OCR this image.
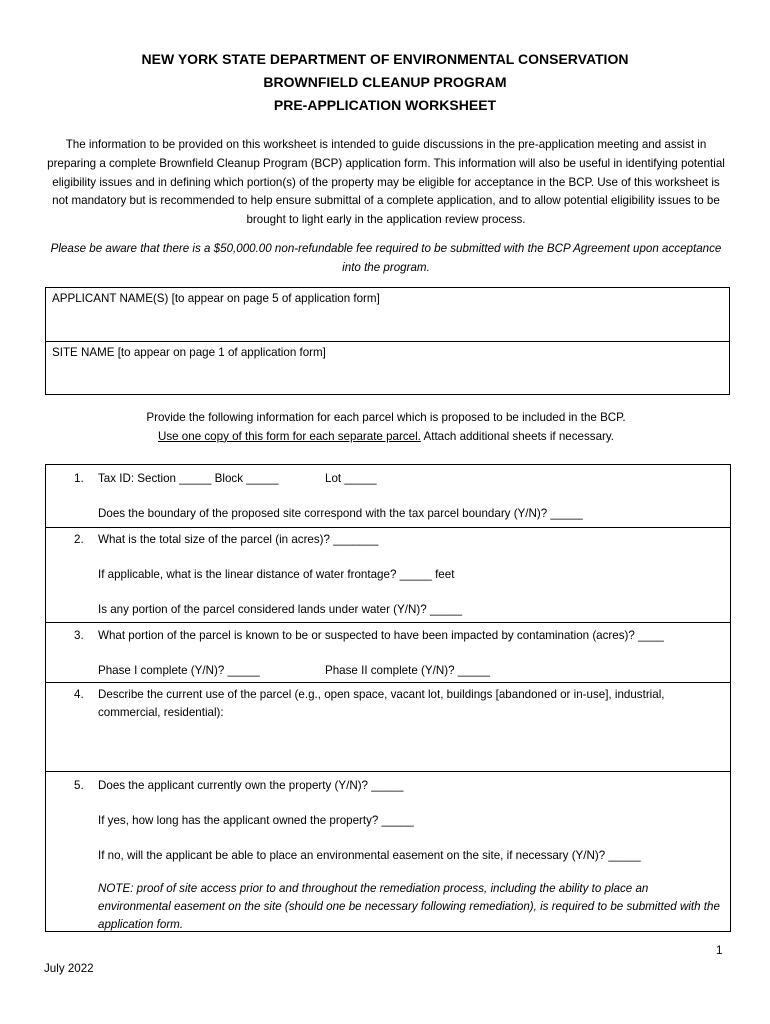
NEW YORK STATE DEPARTMENT OF ENVIRONMENTAL CONSERVATION
BROWNFIELD CLEANUP PROGRAM
PRE-APPLICATION WORKSHEET
The information to be provided on this worksheet is intended to guide discussions in the pre-application meeting and assist in preparing a complete Brownfield Cleanup Program (BCP) application form. This information will also be useful in identifying potential eligibility issues and in defining which portion(s) of the property may be eligible for acceptance in the BCP. Use of this worksheet is not mandatory but is recommended to help ensure submittal of a complete application, and to allow potential eligibility issues to be brought to light early in the application review process.
Please be aware that there is a $50,000.00 non-refundable fee required to be submitted with the BCP Agreement upon acceptance into the program.
APPLICANT NAME(S) [to appear on page 5 of application form]
SITE NAME [to appear on page 1 of application form]
Provide the following information for each parcel which is proposed to be included in the BCP.
Use one copy of this form for each separate parcel. Attach additional sheets if necessary.
1. Tax ID: Section _____ Block _____	Lot _____
Does the boundary of the proposed site correspond with the tax parcel boundary (Y/N)? _____
2. What is the total size of the parcel (in acres)? _______
If applicable, what is the linear distance of water frontage? _____ feet
Is any portion of the parcel considered lands under water (Y/N)? _____
3. What portion of the parcel is known to be or suspected to have been impacted by contamination (acres)? ____
Phase I complete (Y/N)? _____	Phase II complete (Y/N)? _____
4. Describe the current use of the parcel (e.g., open space, vacant lot, buildings [abandoned or in-use], industrial, commercial, residential):
5. Does the applicant currently own the property (Y/N)? _____
If yes, how long has the applicant owned the property? _____
If no, will the applicant be able to place an environmental easement on the site, if necessary (Y/N)? _____
NOTE: proof of site access prior to and throughout the remediation process, including the ability to place an environmental easement on the site (should one be necessary following remediation), is required to be submitted with the application form.
1
July 2022
